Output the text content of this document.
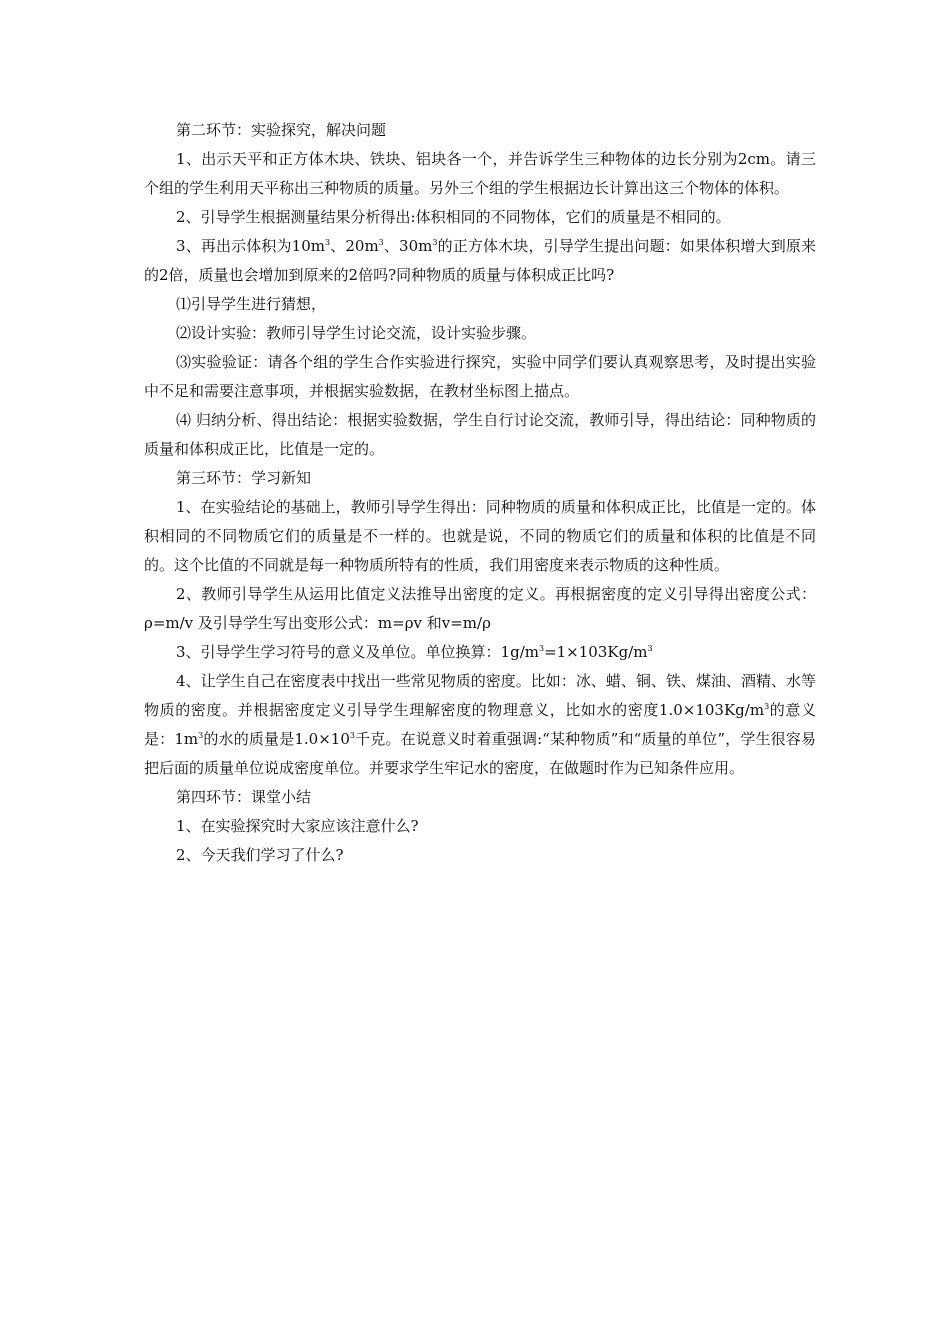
第二环节：实验探究，解决问题

1、出示天平和正方体木块、铁块、铝块各一个，并告诉学生三种物体的边长分别为2cm。请三个组的学生利用天平称出三种物质的质量。另外三个组的学生根据边长计算出这三个物体的体积。

2、引导学生根据测量结果分析得出:体积相同的不同物体，它们的质量是不相同的。

3、再出示体积为$10m^3$、$20m^3$、$30m^3$的正方体木块，引导学生提出问题：如果体积增大到原来的2倍，质量也会增加到原来的2倍吗?同种物质的质量与体积成正比吗?

⑴引导学生进行猜想，

⑵设计实验：教师引导学生讨论交流，设计实验步骤。

⑶实验验证：请各个组的学生合作实验进行探究，实验中同学们要认真观察思考，及时提出实验中不足和需要注意事项，并根据实验数据，在教材坐标图上描点。

⑷ 归纳分析、得出结论：根据实验数据，学生自行讨论交流，教师引导，得出结论：同种物质的质量和体积成正比，比值是一定的。

第三环节：学习新知

1、在实验结论的基础上，教师引导学生得出：同种物质的质量和体积成正比，比值是一定的。体积相同的不同物质它们的质量是不一样的。也就是说，不同的物质它们的质量和体积的比值是不同的。这个比值的不同就是每一种物质所特有的性质，我们用密度来表示物质的这种性质。

2、教师引导学生从运用比值定义法推导出密度的定义。再根据密度的定义引导得出密度公式：ρ=m/v 及引导学生写出变形公式：m=ρv 和v=m/ρ

3、引导学生学习符号的意义及单位。单位换算：$1g/m^3=1\times 103Kg/m^3$

4、让学生自己在密度表中找出一些常见物质的密度。比如：冰、蜡、铜、铁、煤油、酒精、水等物质的密度。并根据密度定义引导学生理解密度的物理意义，比如水的密度$1.0\times 103Kg/m^3$的意义是：$1m^3$的水的质量是$1.0\times 10^3$千克。在说意义时着重强调:“某种物质”和“质量的单位”，学生很容易把后面的质量单位说成密度单位。并要求学生牢记水的密度，在做题时作为已知条件应用。

第四环节：课堂小结

1、在实验探究时大家应该注意什么?

2、今天我们学习了什么?
